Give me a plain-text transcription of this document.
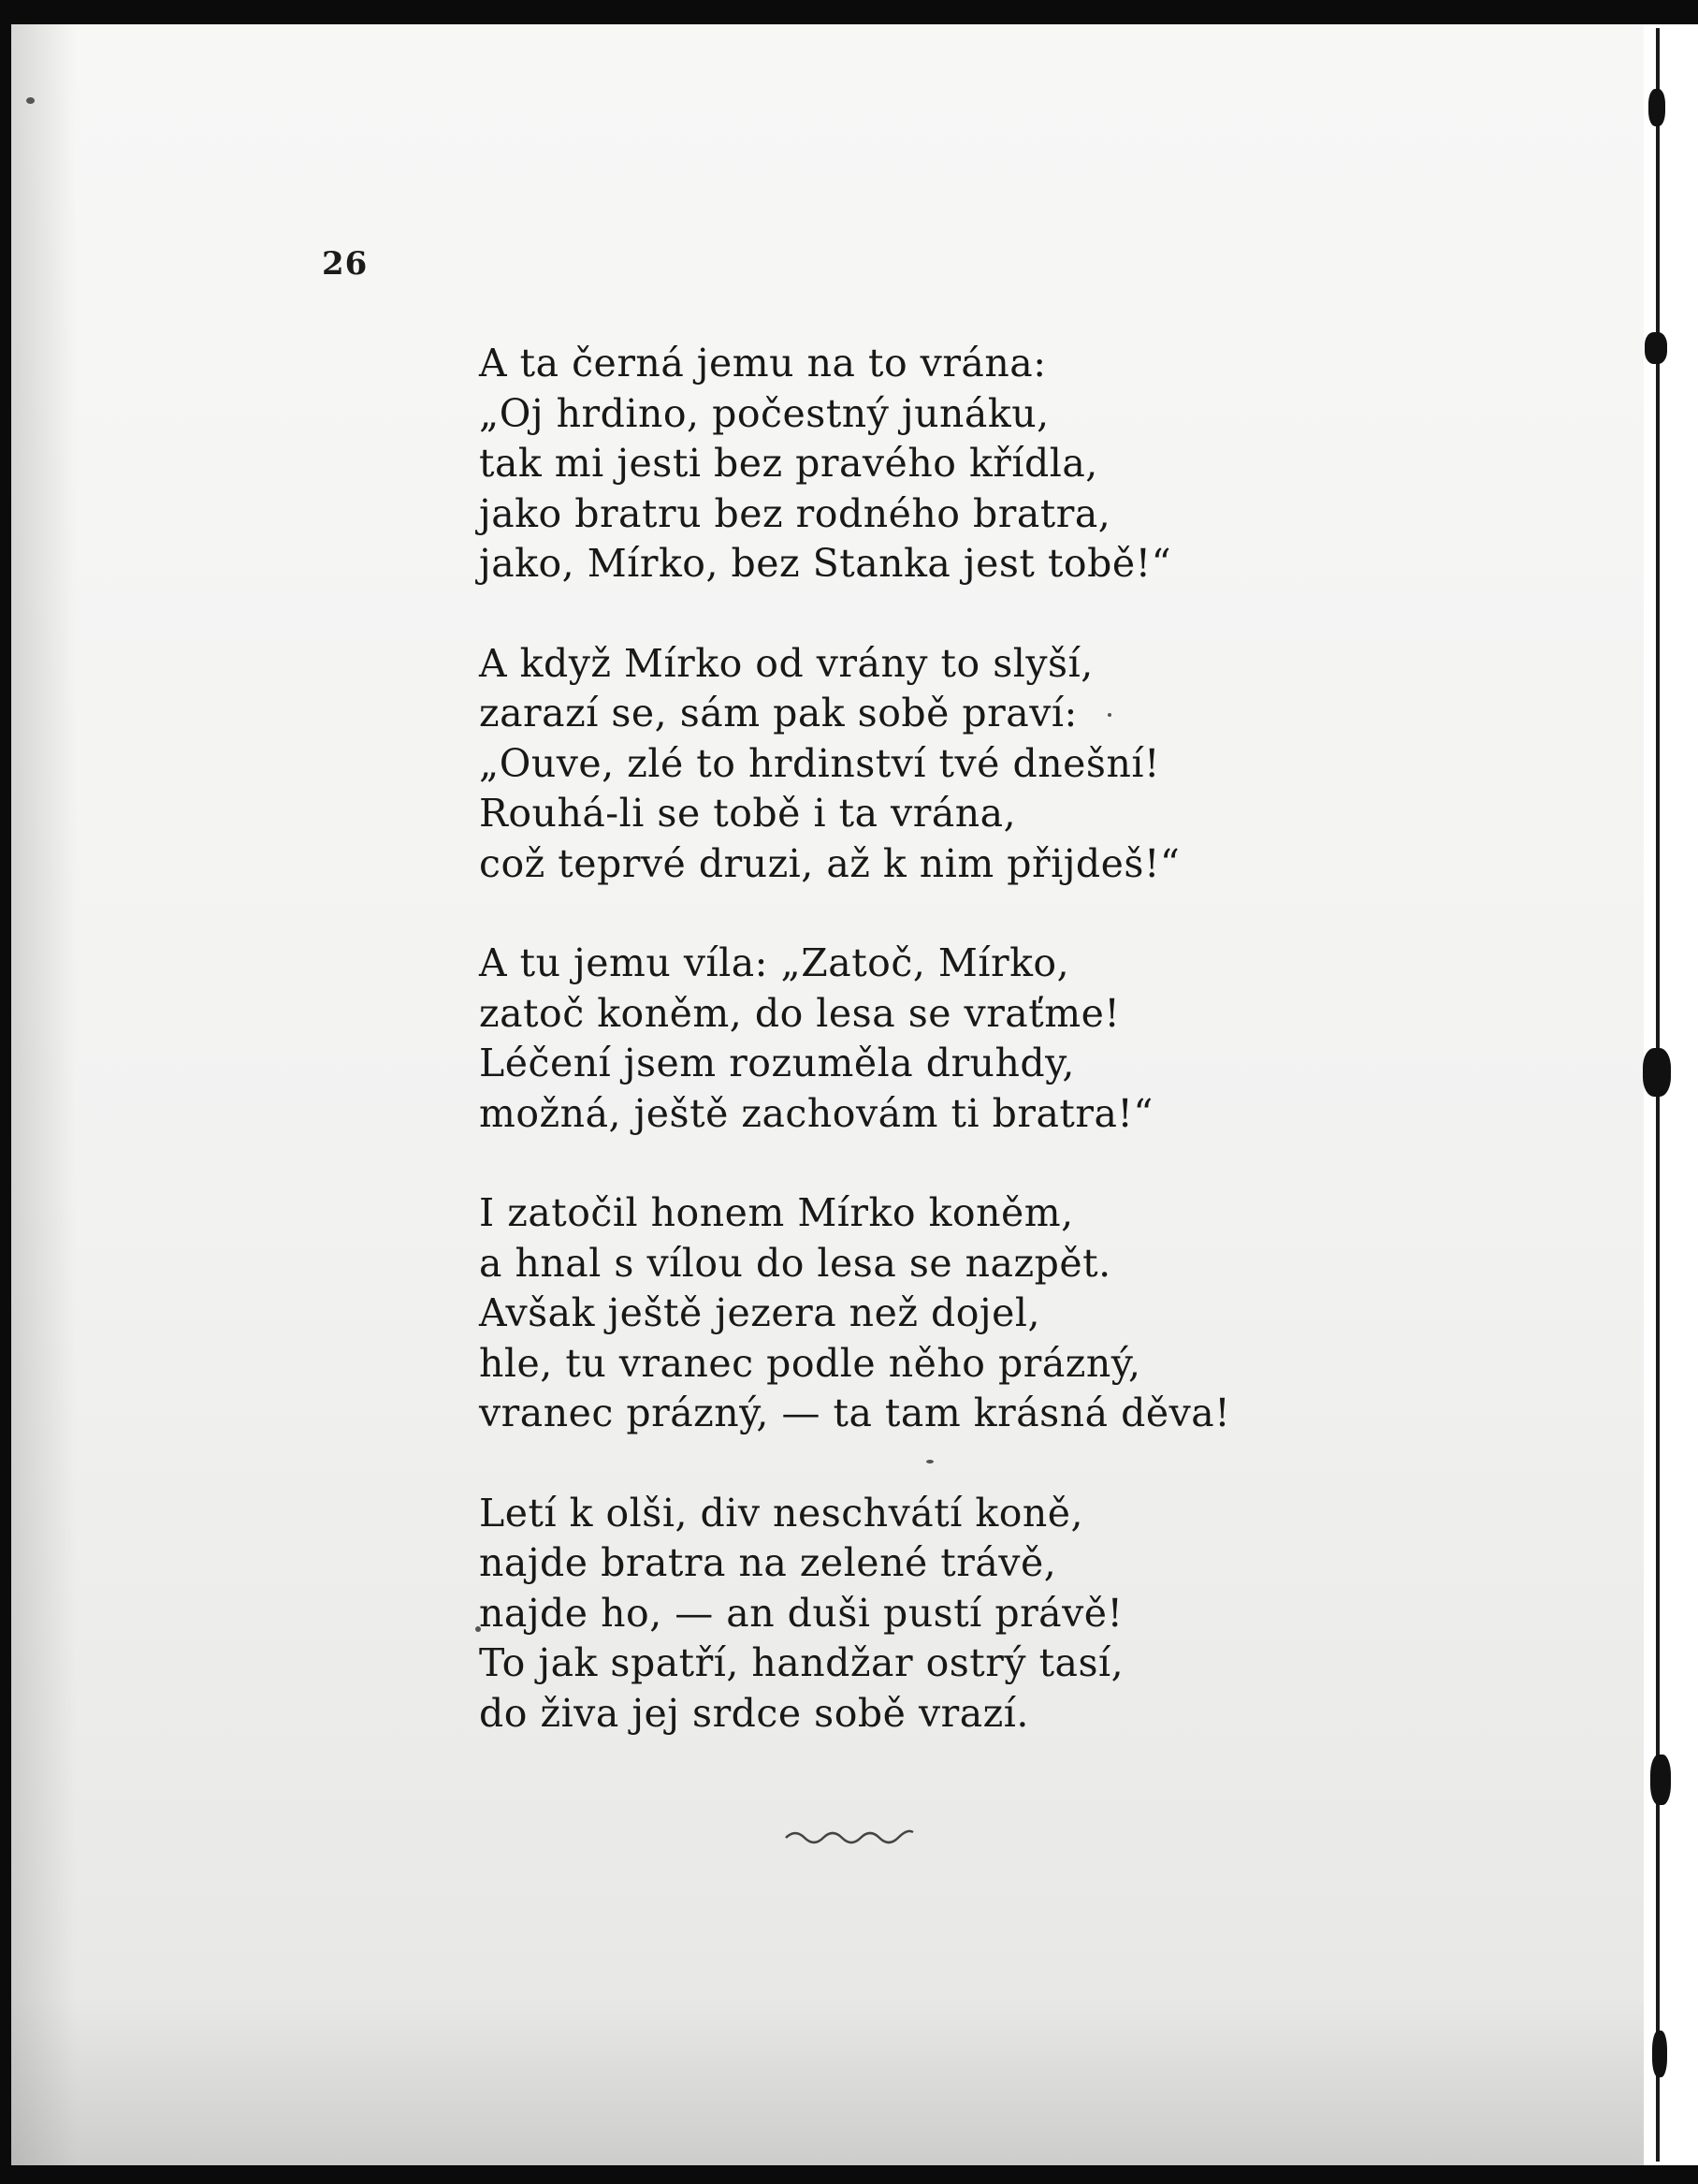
26
A ta černá jemu na to vrána:
„Oj hrdino, počestný junáku,
tak mi jesti bez pravého křídla,
jako bratru bez rodného bratra,
jako, Mírko, bez Stanka jest tobě!“
A když Mírko od vrány to slyší,
zarazí se, sám pak sobě praví:
„Ouve, zlé to hrdinství tvé dnešní!
Rouhá-li se tobě i ta vrána,
což teprvé druzi, až k nim přijdeš!“
A tu jemu víla: „Zatoč, Mírko,
zatoč koněm, do lesa se vraťme!
Léčení jsem rozuměla druhdy,
možná, ještě zachovám ti bratra!“
I zatočil honem Mírko koněm,
a hnal s vílou do lesa se nazpět.
Avšak ještě jezera než dojel,
hle, tu vranec podle něho prázný,
vranec prázný, — ta tam krásná děva!
Letí k olši, div neschvátí koně,
najde bratra na zelené trávě,
najde ho, — an duši pustí právě!
To jak spatří, handžar ostrý tasí,
do živa jej srdce sobě vrazí.
